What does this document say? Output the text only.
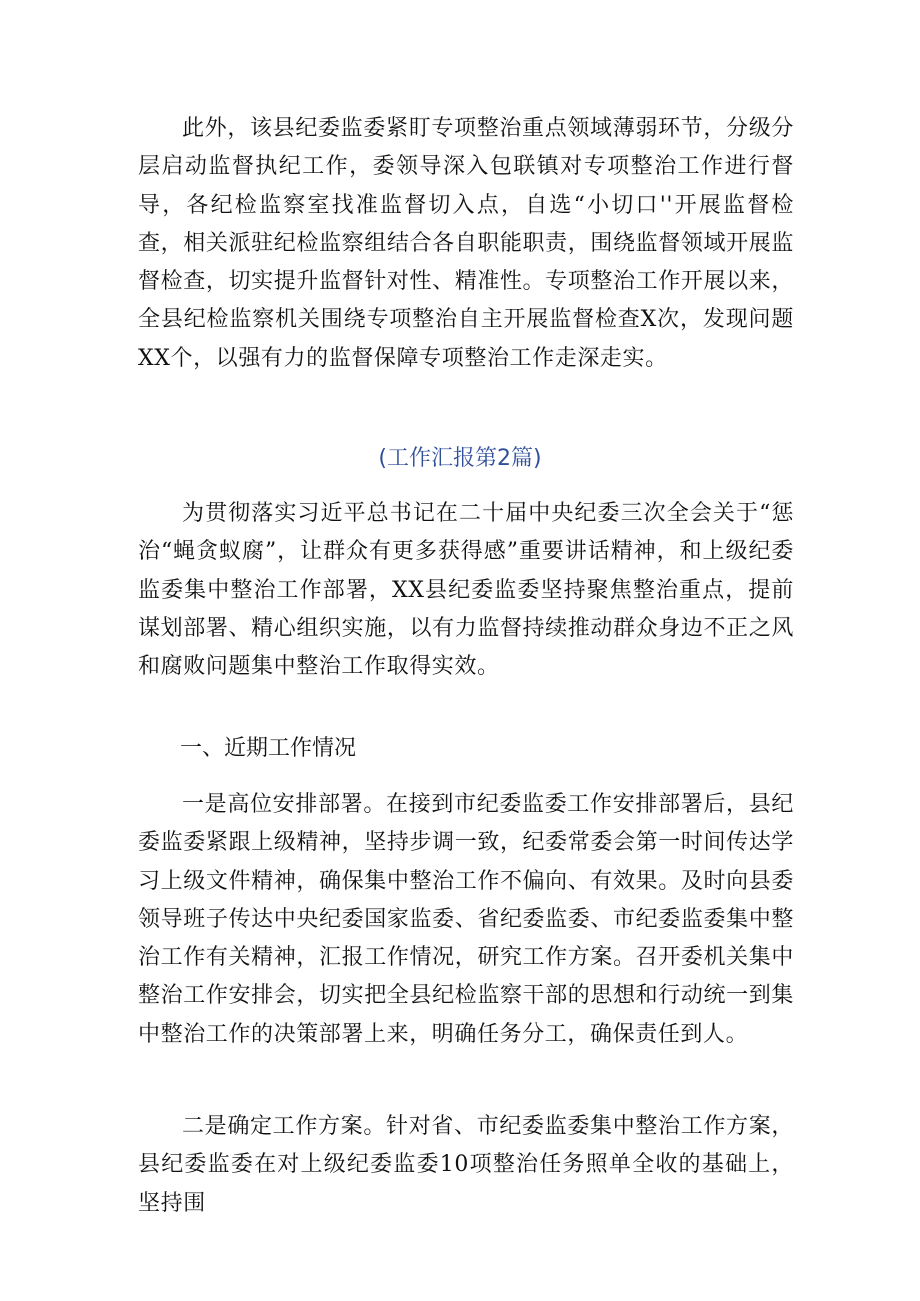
此外，该县纪委监委紧盯专项整治重点领域薄弱环节，分级分层启动监督执纪工作，委领导深入包联镇对专项整治工作进行督导，各纪检监察室找准监督切入点，自选“小切口''开展监督检查，相关派驻纪检监察组结合各自职能职责，围绕监督领域开展监督检查，切实提升监督针对性、精准性。专项整治工作开展以来，全县纪检监察机关围绕专项整治自主开展监督检查X次，发现问题XX个，以强有力的监督保障专项整治工作走深走实。

(工作汇报第2篇)

为贯彻落实习近平总书记在二十届中央纪委三次全会关于“惩治“蝇贪蚁腐”，让群众有更多获得感”重要讲话精神，和上级纪委监委集中整治工作部署，XX县纪委监委坚持聚焦整治重点，提前谋划部署、精心组织实施，以有力监督持续推动群众身边不正之风和腐败问题集中整治工作取得实效。

一、近期工作情况

一是高位安排部署。在接到市纪委监委工作安排部署后，县纪委监委紧跟上级精神，坚持步调一致，纪委常委会第一时间传达学习上级文件精神，确保集中整治工作不偏向、有效果。及时向县委领导班子传达中央纪委国家监委、省纪委监委、市纪委监委集中整治工作有关精神，汇报工作情况，研究工作方案。召开委机关集中整治工作安排会，切实把全县纪检监察干部的思想和行动统一到集中整治工作的决策部署上来，明确任务分工，确保责任到人。

二是确定工作方案。针对省、市纪委监委集中整治工作方案，县纪委监委在对上级纪委监委10项整治任务照单全收的基础上，坚持围
